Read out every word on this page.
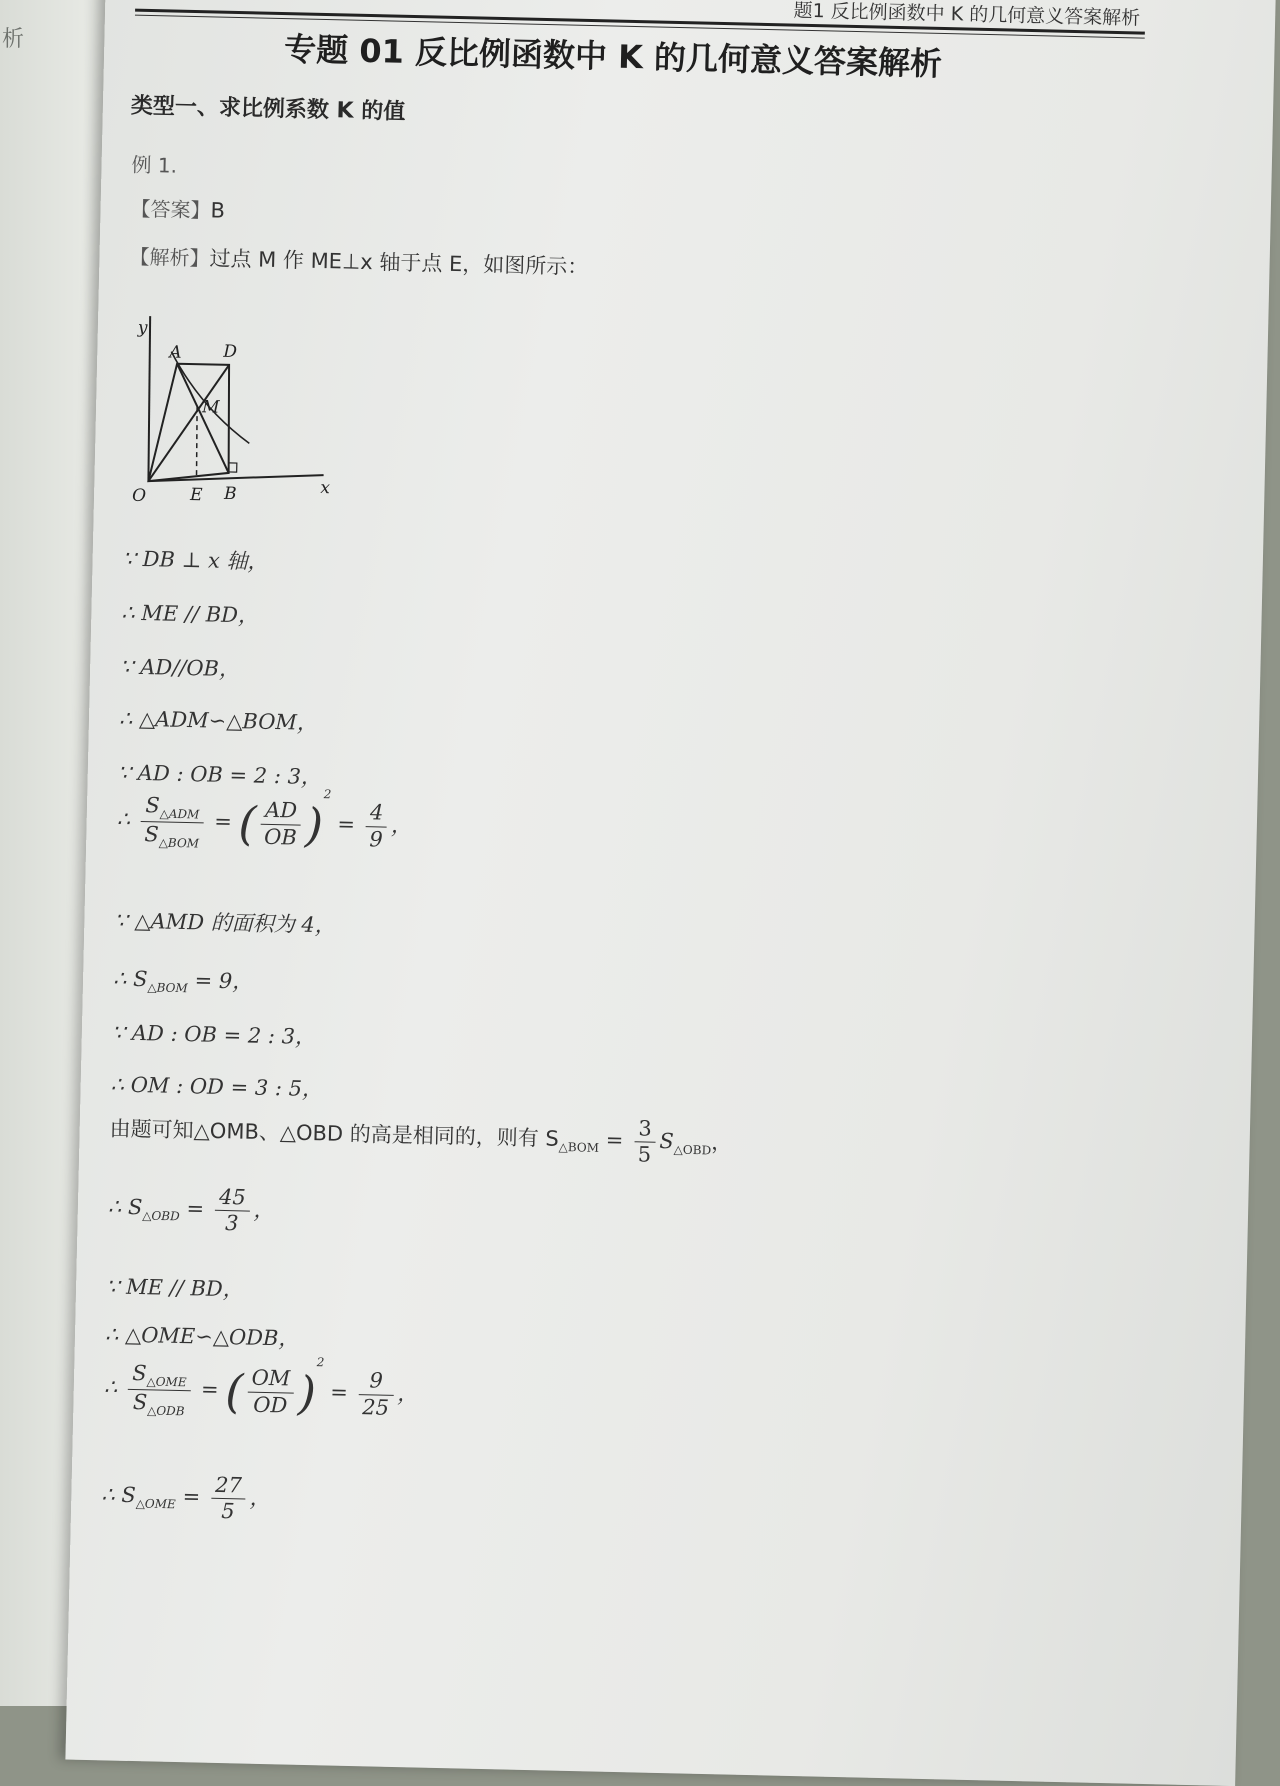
析
题1 反比例函数中 K 的几何意义答案解析
专题 01 反比例函数中 K 的几何意义答案解析
类型一、求比例系数 K 的值
例 1.
【答案】B
【解析】过点 M 作 ME⊥x 轴于点 E，如图所示：
y
x
O	E B
A D
M
∵ DB ⊥ x 轴，
∴ ME // BD，
∵ AD//OB，
∴ △ADM∽△BOM，
∵ AD : OB = 2 : 3，
∴ $\frac{S_{\triangle ADM}}{S_{\triangle BOM}}$ = ( $\frac{AD}{OB} )^2 = \frac{4}{9}$ ，
∵ △AMD 的面积为 4，
∴ $S_{\triangle BOM} = 9$，
∵ AD : OB = 2 : 3，
∴ OM : OD = 3 : 5，
由题可知△OMB、△OBD 的高是相同的，则有 $S_{\triangle BOM} = \frac{3}{5} S_{\triangle OBD}$，
∴ $S_{\triangle OBD} = \frac{45}{3}$ ，
∵ ME // BD，
∴ △OME∽△ODB，
∴ $\frac{S_{\triangle OME}}{S_{\triangle ODB}}$ = ( $\frac{OM}{OD} )^2 = \frac{9}{25}$ ，
∴ $S_{\triangle OME} = \frac{27}{5}$ ，
